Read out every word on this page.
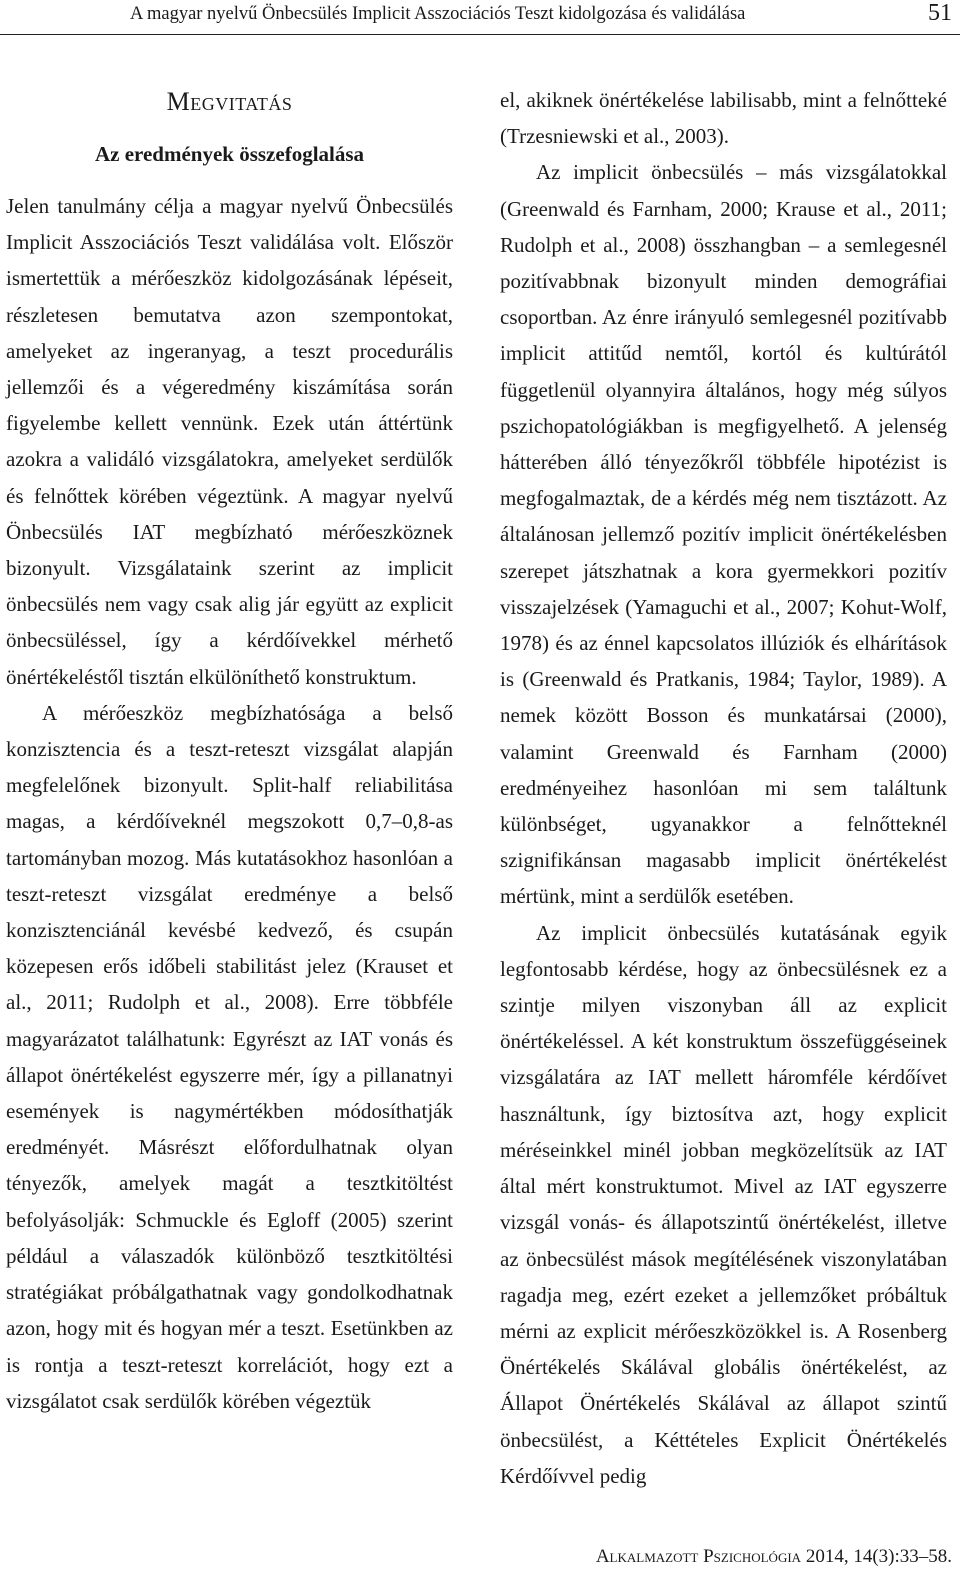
A magyar nyelvű Önbecsülés Implicit Asszociációs Teszt kidolgozása és validálása	51
Megvitatás
Az eredmények összefoglalása

Jelen tanulmány célja a magyar nyelvű Önbecsülés Implicit Asszociációs Teszt validálása volt. Először ismertettük a mérőeszköz kidolgozásának lépéseit, részletesen bemutatva azon szempontokat, amelyeket az ingeranyag, a teszt procedurális jellemzői és a végeredmény kiszámítása során figyelembe kellett vennünk. Ezek után áttértünk azokra a validáló vizsgálatokra, amelyeket serdülők és felnőttek körében végeztünk. A magyar nyelvű Önbecsülés IAT megbízható mérőeszköznek bizonyult. Vizsgálataink szerint az implicit önbecsülés nem vagy csak alig jár együtt az explicit önbecsüléssel, így a kérdőívekkel mérhető önértékeléstől tisztán elkülöníthető konstruktum.

A mérőeszköz megbízhatósága a belső konzisztencia és a teszt-reteszt vizsgálat alapján megfelelőnek bizonyult. Split-half reliabilitása magas, a kérdőíveknél megszokott 0,7–0,8-as tartományban mozog. Más kutatásokhoz hasonlóan a teszt-reteszt vizsgálat eredménye a belső konzisztenciánál kevésbé kedvező, és csupán közepesen erős időbeli stabilitást jelez (Krauset et al., 2011; Rudolph et al., 2008). Erre többféle magyarázatot találhatunk: Egyrészt az IAT vonás és állapot önértékelést egyszerre mér, így a pillanatnyi események is nagymértékben módosíthatják eredményét. Másrészt előfordulhatnak olyan tényezők, amelyek magát a tesztkitöltést befolyásolják: Schmuckle és Egloff (2005) szerint például a válaszadók különböző tesztkitöltési stratégiákat próbálgathatnak vagy gondolkodhatnak azon, hogy mit és hogyan mér a teszt. Esetünkben az is rontja a teszt-reteszt korrelációt, hogy ezt a vizsgálatot csak serdülők körében végeztük

el, akiknek önértékelése labilisabb, mint a felnőtteké (Trzesniewski et al., 2003).

Az implicit önbecsülés – más vizsgálatokkal (Greenwald és Farnham, 2000; Krause et al., 2011; Rudolph et al., 2008) összhangban – a semlegesnél pozitívabbnak bizonyult minden demográfiai csoportban. Az énre irányuló semlegesnél pozitívabb implicit attitűd nemtől, kortól és kultúrától függetlenül olyannyira általános, hogy még súlyos pszichopatológiákban is megfigyelhető. A jelenség hátterében álló tényezőkről többféle hipotézist is megfogalmaztak, de a kérdés még nem tisztázott. Az általánosan jellemző pozitív implicit önértékelésben szerepet játszhatnak a kora gyermekkori pozitív visszajelzések (Yamaguchi et al., 2007; Kohut-Wolf, 1978) és az énnel kapcsolatos illúziók és elhárítások is (Greenwald és Pratkanis, 1984; Taylor, 1989). A nemek között Bosson és munkatársai (2000), valamint Greenwald és Farnham (2000) eredményeihez hasonlóan mi sem találtunk különbséget, ugyanakkor a felnőtteknél szignifikánsan magasabb implicit önértékelést mértünk, mint a serdülők esetében.

Az implicit önbecsülés kutatásának egyik legfontosabb kérdése, hogy az önbecsülésnek ez a szintje milyen viszonyban áll az explicit önértékeléssel. A két konstruktum összefüggéseinek vizsgálatára az IAT mellett háromféle kérdőívet használtunk, így biztosítva azt, hogy explicit méréseinkkel minél jobban megközelítsük az IAT által mért konstruktumot. Mivel az IAT egyszerre vizsgál vonás- és állapotszintű önértékelést, illetve az önbecsülést mások megítélésének viszonylatában ragadja meg, ezért ezeket a jellemzőket próbáltuk mérni az explicit mérőeszközökkel is. A Rosenberg Önértékelés Skálával globális önértékelést, az Állapot Önértékelés Skálával az állapot szintű önbecsülést, a Kéttételes Explicit Önértékelés Kérdőívvel pedig

Alkalmazott Pszichológia 2014, 14(3):33–58.
